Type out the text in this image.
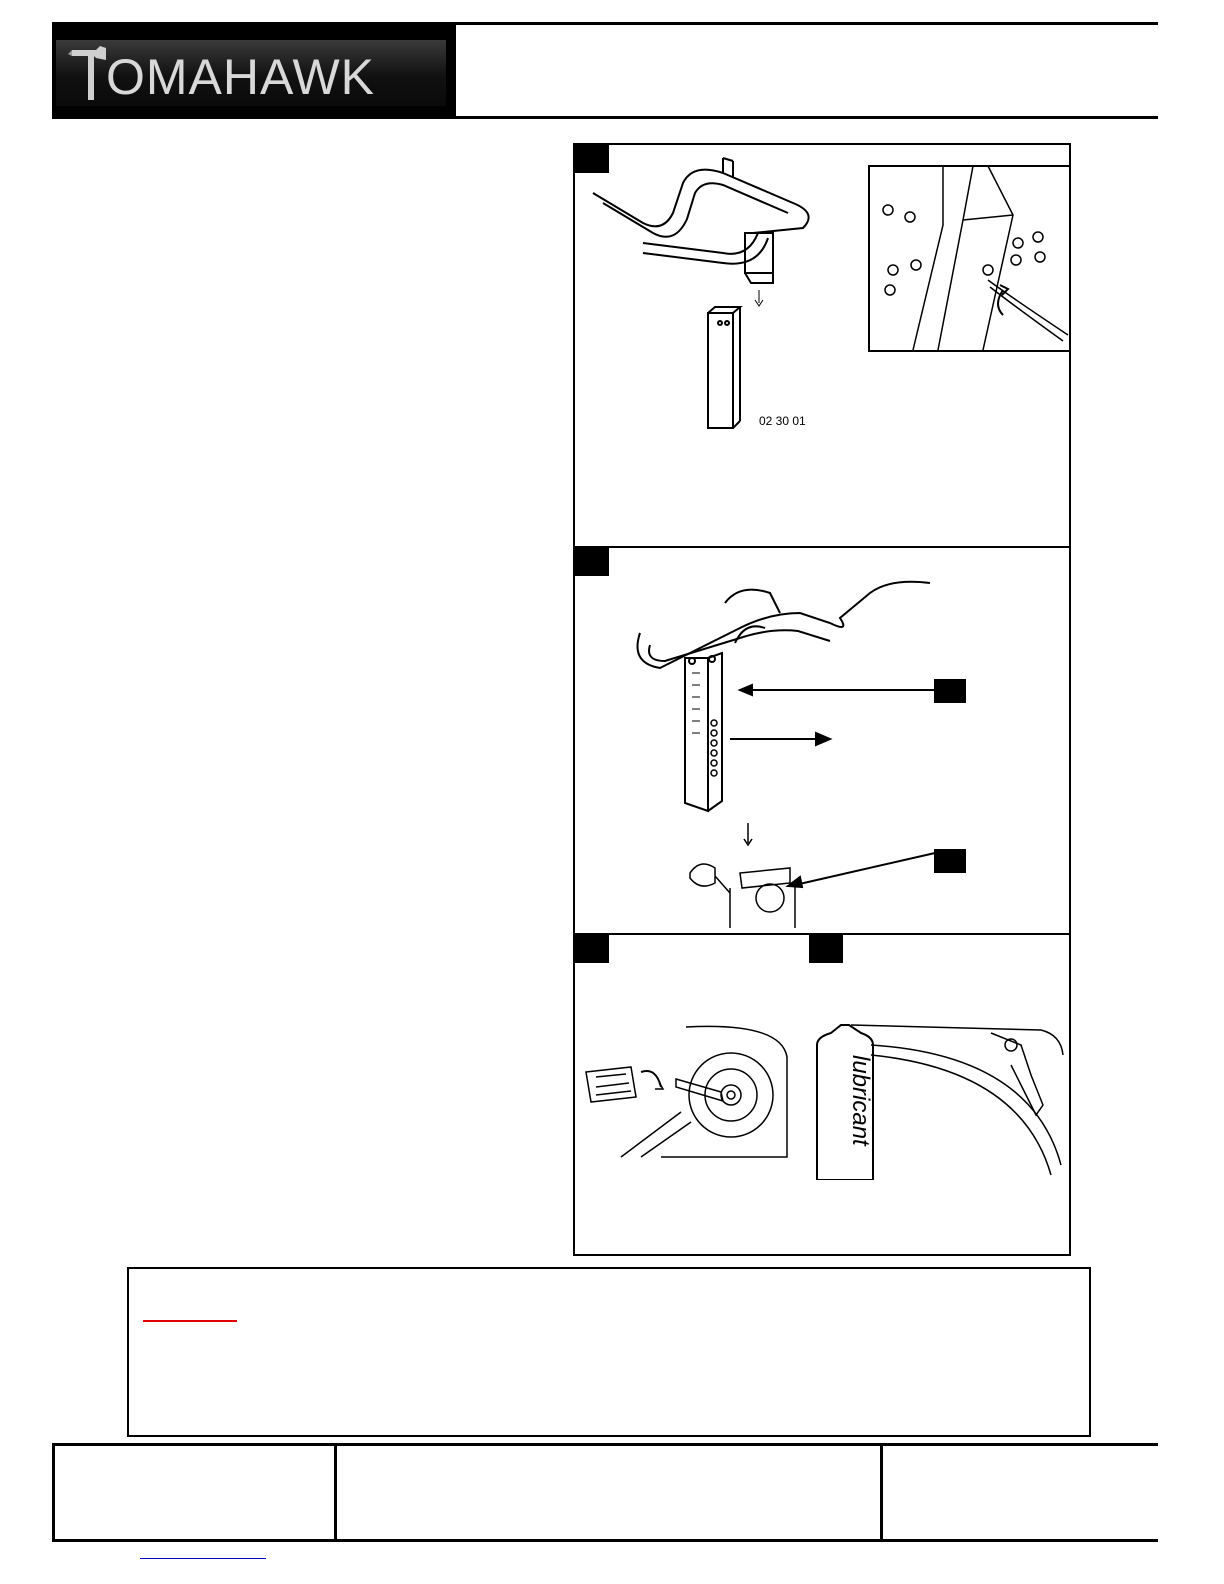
OMAHAWK
02 30 01
lubricant
